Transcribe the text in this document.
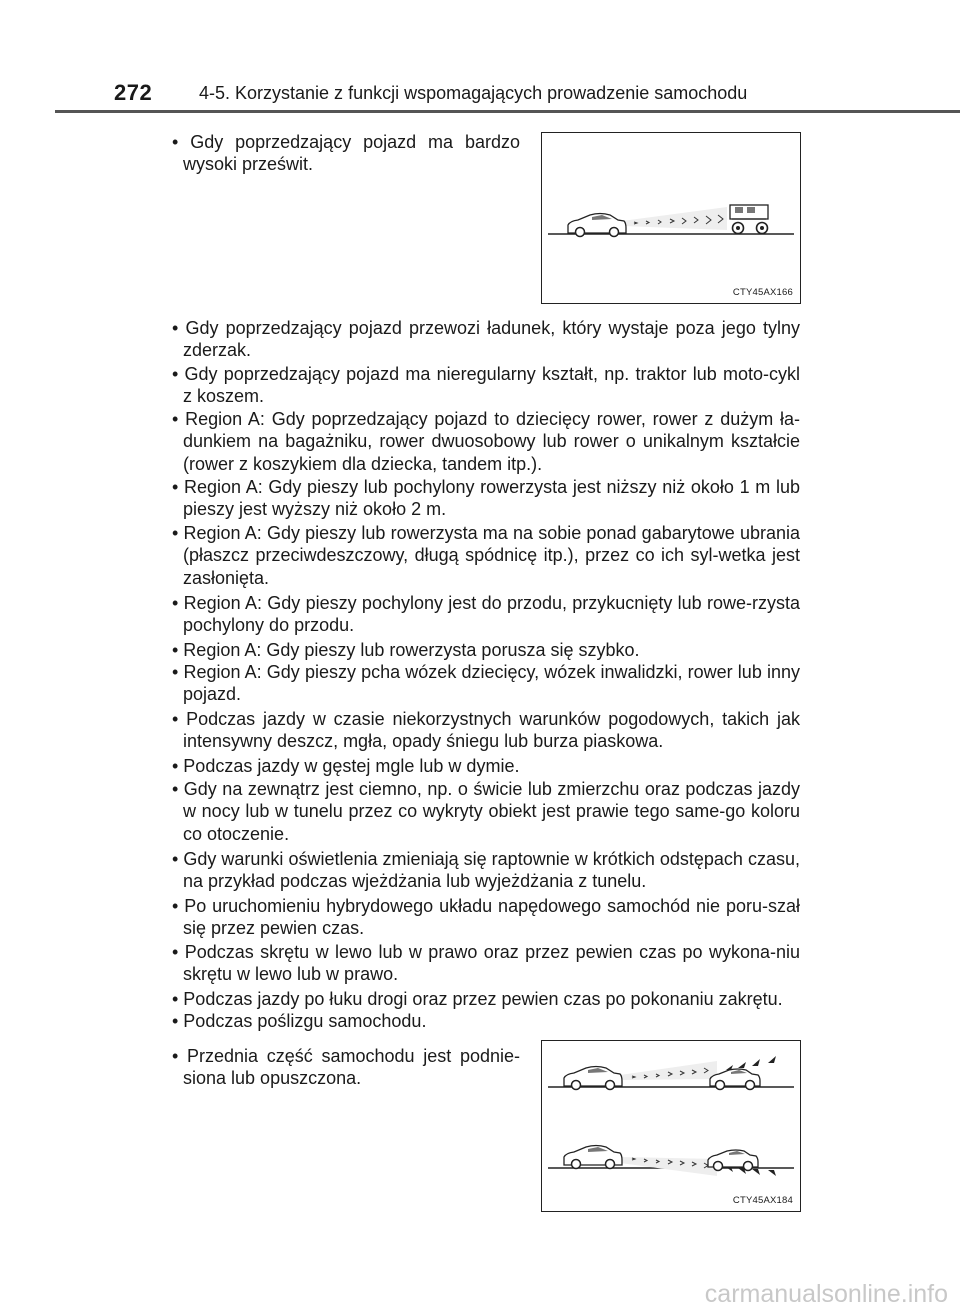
272	4-5. Korzystanie z funkcji wspomagających prowadzenie samochodu
• Gdy poprzedzający pojazd ma bardzo wysoki prześwit.
CTY45AX166
• Gdy poprzedzający pojazd przewozi ładunek, który wystaje poza jego tylny zderzak.
• Gdy poprzedzający pojazd ma nieregularny kształt, np. traktor lub moto-cykl z koszem.
• Region A: Gdy poprzedzający pojazd to dziecięcy rower, rower z dużym ła-dunkiem na bagażniku, rower dwuosobowy lub rower o unikalnym kształcie (rower z koszykiem dla dziecka, tandem itp.).
• Region A: Gdy pieszy lub pochylony rowerzysta jest niższy niż około 1 m lub pieszy jest wyższy niż około 2 m.
• Region A: Gdy pieszy lub rowerzysta ma na sobie ponad gabarytowe ubrania (płaszcz przeciwdeszczowy, długą spódnicę itp.), przez co ich syl-wetka jest zasłonięta.
• Region A: Gdy pieszy pochylony jest do przodu, przykucnięty lub rowe-rzysta pochylony do przodu.
• Region A: Gdy pieszy lub rowerzysta porusza się szybko.
• Region A: Gdy pieszy pcha wózek dziecięcy, wózek inwalidzki, rower lub inny pojazd.
• Podczas jazdy w czasie niekorzystnych warunków pogodowych, takich jak intensywny deszcz, mgła, opady śniegu lub burza piaskowa.
• Podczas jazdy w gęstej mgle lub w dymie.
• Gdy na zewnątrz jest ciemno, np. o świcie lub zmierzchu oraz podczas jazdy w nocy lub w tunelu przez co wykryty obiekt jest prawie tego same-go koloru co otoczenie.
• Gdy warunki oświetlenia zmieniają się raptownie w krótkich odstępach czasu, na przykład podczas wjeżdżania lub wyjeżdżania z tunelu.
• Po uruchomieniu hybrydowego układu napędowego samochód nie poru-szał się przez pewien czas.
• Podczas skrętu w lewo lub w prawo oraz przez pewien czas po wykona-niu skrętu w lewo lub w prawo.
• Podczas jazdy po łuku drogi oraz przez pewien czas po pokonaniu zakrętu.
• Podczas poślizgu samochodu.
• Przednia część samochodu jest podnie-siona lub opuszczona.
CTY45AX184
carmanualsonline.info
